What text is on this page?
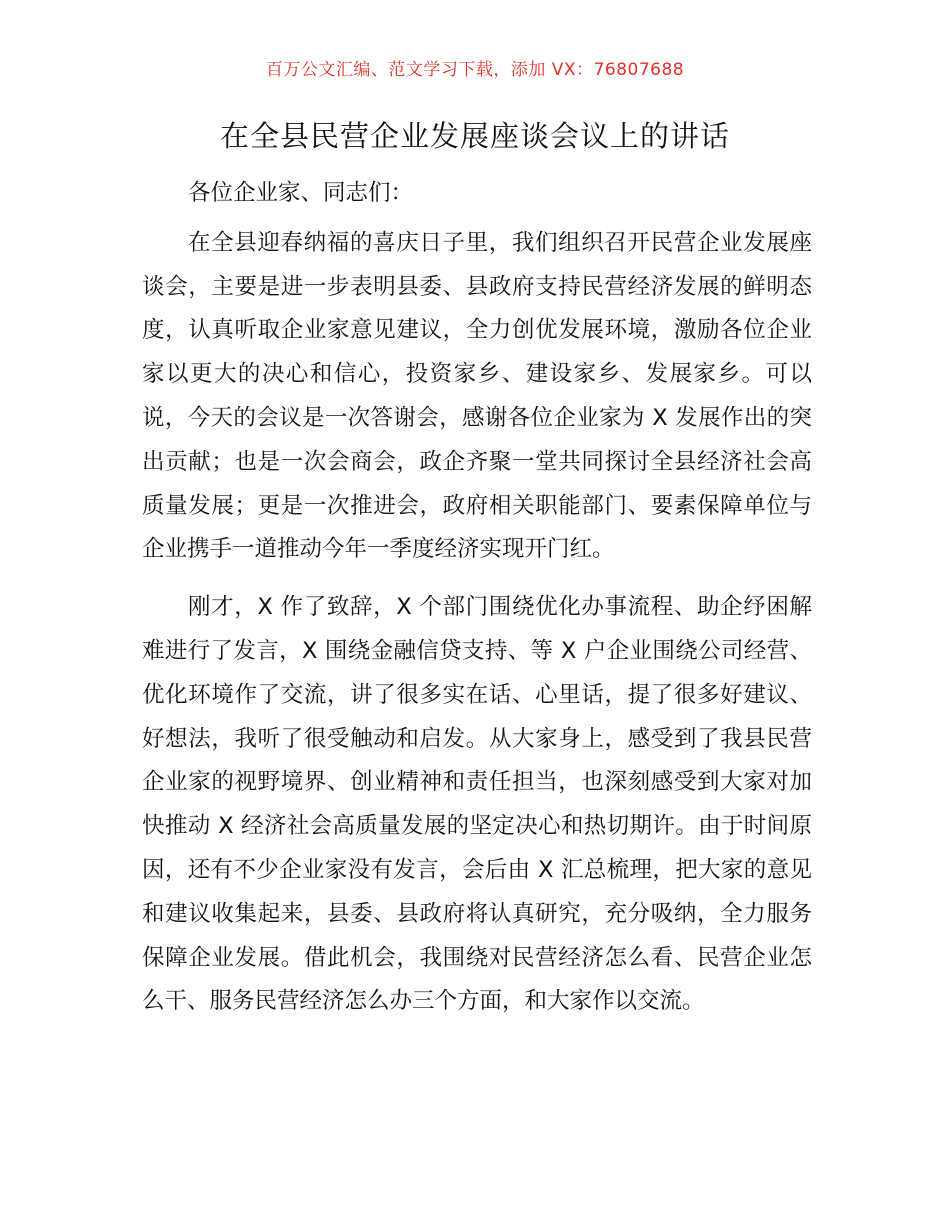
百万公文汇编、范文学习下载，添加 VX：76807688
在全县民营企业发展座谈会议上的讲话

各位企业家、同志们：

在全县迎春纳福的喜庆日子里，我们组织召开民营企业发展座谈会，主要是进一步表明县委、县政府支持民营经济发展的鲜明态度，认真听取企业家意见建议，全力创优发展环境，激励各位企业家以更大的决心和信心，投资家乡、建设家乡、发展家乡。可以说，今天的会议是一次答谢会，感谢各位企业家为 X 发展作出的突出贡献；也是一次会商会，政企齐聚一堂共同探讨全县经济社会高质量发展；更是一次推进会，政府相关职能部门、要素保障单位与企业携手一道推动今年一季度经济实现开门红。

刚才，X 作了致辞，X 个部门围绕优化办事流程、助企纾困解难进行了发言，X 围绕金融信贷支持、等 X 户企业围绕公司经营、优化环境作了交流，讲了很多实在话、心里话，提了很多好建议、好想法，我听了很受触动和启发。从大家身上，感受到了我县民营企业家的视野境界、创业精神和责任担当，也深刻感受到大家对加快推动 X 经济社会高质量发展的坚定决心和热切期许。由于时间原因，还有不少企业家没有发言，会后由 X 汇总梳理，把大家的意见和建议收集起来，县委、县政府将认真研究，充分吸纳，全力服务保障企业发展。借此机会，我围绕对民营经济怎么看、民营企业怎么干、服务民营经济怎么办三个方面，和大家作以交流。
